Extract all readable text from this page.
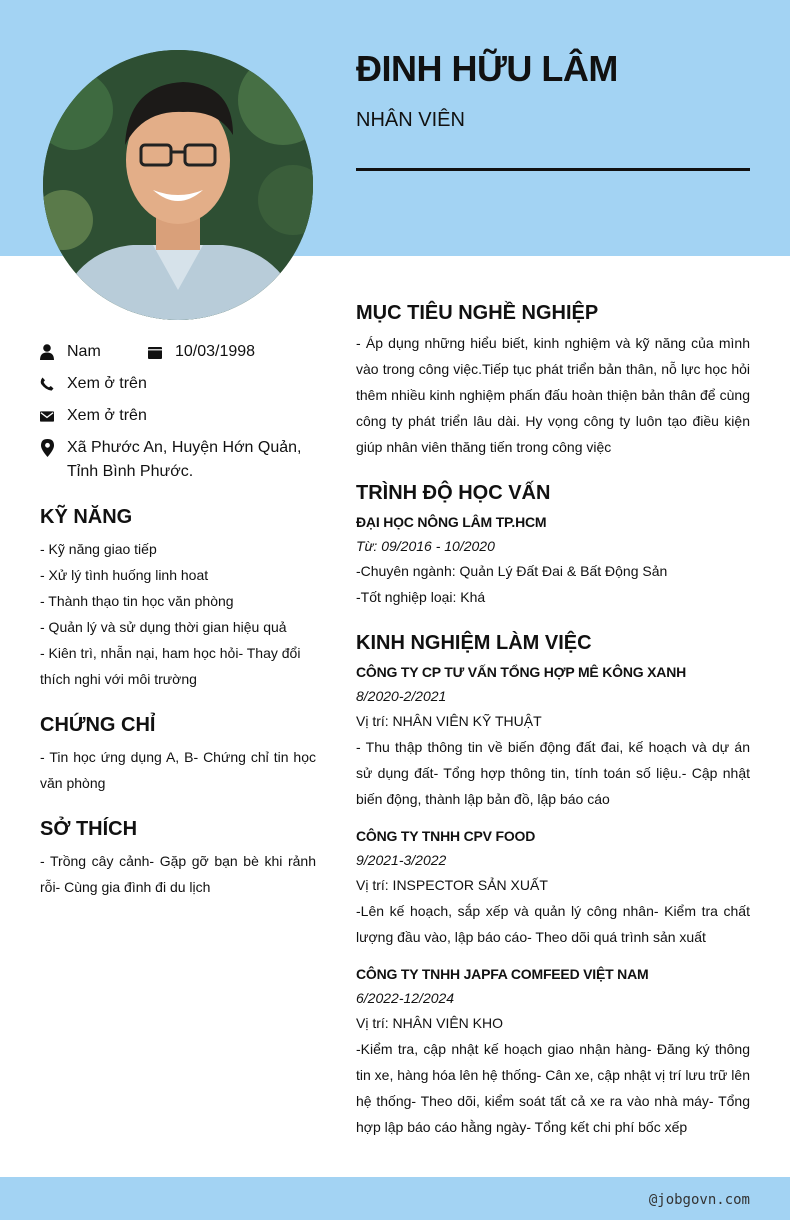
ĐINH HỮU LÂM
NHÂN VIÊN
Nam	10/03/1998
Xem ở trên
Xem ở trên
Xã Phước An, Huyện Hớn Quản, Tỉnh Bình Phước.
KỸ NĂNG
- Kỹ năng giao tiếp
- Xử lý tình huống linh hoat
- Thành thạo tin học văn phòng
- Quản lý và sử dụng thời gian hiệu quả
- Kiên trì, nhẫn nại, ham học hỏi- Thay đổi thích nghi với môi trường
CHỨNG CHỈ
- Tin học ứng dụng A, B- Chứng chỉ tin học văn phòng
SỞ THÍCH
- Trồng cây cảnh- Gặp gỡ bạn bè khi rảnh rỗi- Cùng gia đình đi du lịch
MỤC TIÊU NGHỀ NGHIỆP
- Áp dụng những hiểu biết, kinh nghiệm và kỹ năng của mình vào trong công việc.Tiếp tục phát triển bản thân, nỗ lực học hỏi thêm nhiều kinh nghiệm phấn đấu hoàn thiện bản thân để cùng công ty phát triển lâu dài. Hy vọng công ty luôn tạo điều kiện giúp nhân viên thăng tiến trong công việc
TRÌNH ĐỘ HỌC VẤN
ĐẠI HỌC NÔNG LÂM TP.HCM
Từ: 09/2016 - 10/2020
-Chuyên ngành: Quản Lý Đất Đai & Bất Động Sản
-Tốt nghiệp loại: Khá
KINH NGHIỆM LÀM VIỆC
CÔNG TY CP TƯ VẤN TỔNG HỢP MÊ KÔNG XANH
8/2020-2/2021
Vị trí: NHÂN VIÊN KỸ THUẬT
- Thu thập thông tin về biến động đất đai, kế hoạch và dự án sử dụng đất- Tổng hợp thông tin, tính toán số liệu.- Cập nhật biến động, thành lập bản đồ, lập báo cáo
CÔNG TY TNHH CPV FOOD
9/2021-3/2022
Vị trí: INSPECTOR SẢN XUẤT
-Lên kế hoạch, sắp xếp và quản lý công nhân- Kiểm tra chất lượng đầu vào, lập báo cáo- Theo dõi quá trình sản xuất
CÔNG TY TNHH JAPFA COMFEED VIỆT NAM
6/2022-12/2024
Vị trí: NHÂN VIÊN KHO
-Kiểm tra, cập nhật kế hoạch giao nhận hàng- Đăng ký thông tin xe, hàng hóa lên hệ thống- Cân xe, cập nhật vị trí lưu trữ lên hệ thống- Theo dõi, kiểm soát tất cả xe ra vào nhà máy- Tổng hợp lập báo cáo hằng ngày- Tổng kết chi phí bốc xếp
@jobgovn.com
